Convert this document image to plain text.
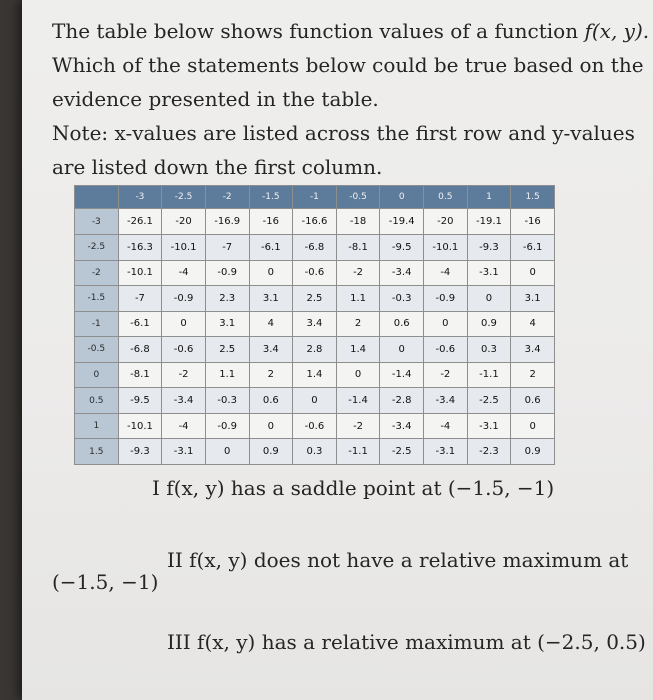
The table below shows function values of a function f(x, y).

Which of the statements below could be true based on the

evidence presented in the table.

Note: x-values are listed across the first row and y-values

are listed down the first column.

	-3	-2.5	-2	-1.5	-1	-0.5	0	0.5	1	1.5
-3	-26.1	-20	-16.9	-16	-16.6	-18	-19.4	-20	-19.1	-16
-2.5	-16.3	-10.1	-7	-6.1	-6.8	-8.1	-9.5	-10.1	-9.3	-6.1
-2	-10.1	-4	-0.9	0	-0.6	-2	-3.4	-4	-3.1	0
-1.5	-7	-0.9	2.3	3.1	2.5	1.1	-0.3	-0.9	0	3.1
-1	-6.1	0	3.1	4	3.4	2	0.6	0	0.9	4
-0.5	-6.8	-0.6	2.5	3.4	2.8	1.4	0	-0.6	0.3	3.4
0	-8.1	-2	1.1	2	1.4	0	-1.4	-2	-1.1	2
0.5	-9.5	-3.4	-0.3	0.6	0	-1.4	-2.8	-3.4	-2.5	0.6
1	-10.1	-4	-0.9	0	-0.6	-2	-3.4	-4	-3.1	0
1.5	-9.3	-3.1	0	0.9	0.3	-1.1	-2.5	-3.1	-2.3	0.9

I f(x, y) has a saddle point at (−1.5, −1)

II f(x, y) does not have a relative maximum at

(−1.5, −1)

III f(x, y) has a relative maximum at (−2.5, 0.5)
